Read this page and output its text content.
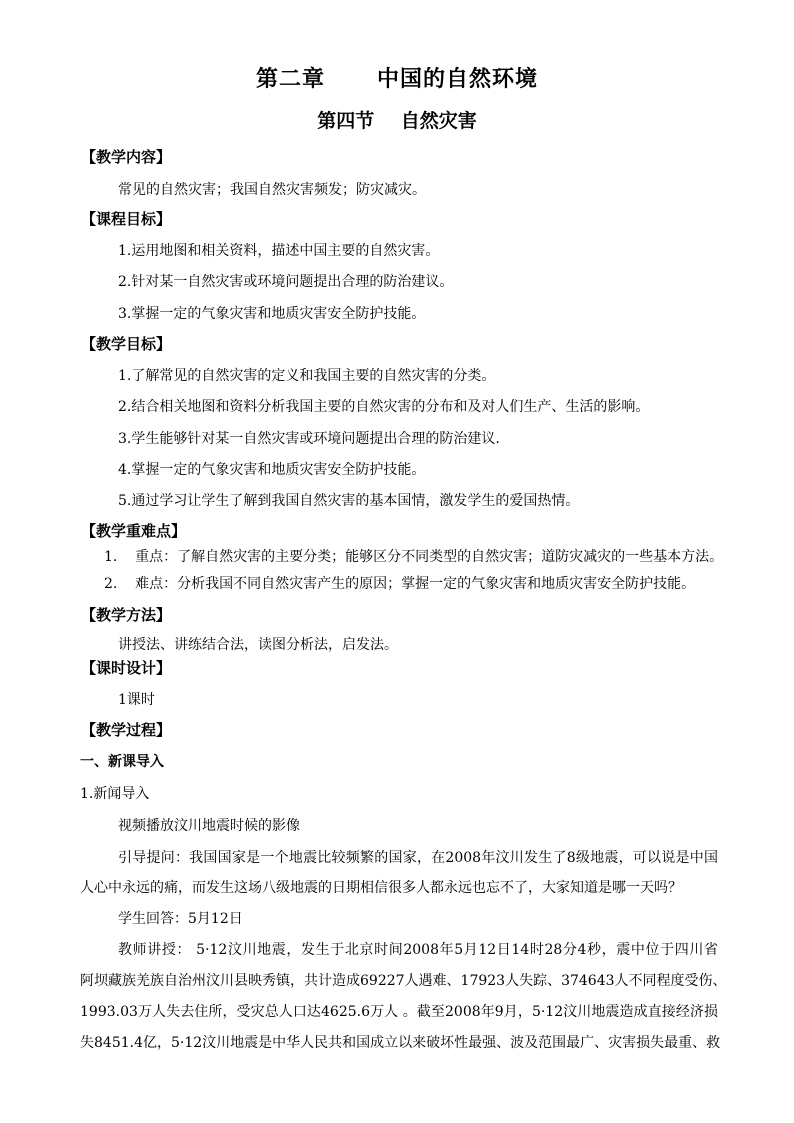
第二章      中国的自然环境
第四节    自然灾害
【教学内容】
常见的自然灾害；我国自然灾害频发；防灾减灾。
【课程目标】
1.运用地图和相关资料，描述中国主要的自然灾害。
2.针对某一自然灾害或环境问题提出合理的防治建议。
3.掌握一定的气象灾害和地质灾害安全防护技能。
【教学目标】
1.了解常见的自然灾害的定义和我国主要的自然灾害的分类。
2.结合相关地图和资料分析我国主要的自然灾害的分布和及对人们生产、生活的影响。
3.学生能够针对某一自然灾害或环境问题提出合理的防治建议.
4.掌握一定的气象灾害和地质灾害安全防护技能。
5.通过学习让学生了解到我国自然灾害的基本国情，激发学生的爱国热情。
【教学重难点】
1.    重点：了解自然灾害的主要分类；能够区分不同类型的自然灾害；道防灾减灾的一些基本方法。
2.    难点：分析我国不同自然灾害产生的原因；掌握一定的气象灾害和地质灾害安全防护技能。
【教学方法】
讲授法、讲练结合法，读图分析法，启发法。
【课时设计】
1课时
【教学过程】
一、新课导入
1.新闻导入
视频播放汶川地震时候的影像
引导提问：我国国家是一个地震比较频繁的国家，在2008年汶川发生了8级地震，可以说是中国
人心中永远的痛，而发生这场八级地震的日期相信很多人都永远也忘不了，大家知道是哪一天吗？
学生回答：5月12日
教师讲授： 5·12汶川地震，发生于北京时间2008年5月12日14时28分4秒，震中位于四川省
阿坝藏族羌族自治州汶川县映秀镇，共计造成69227人遇难、17923人失踪、374643人不同程度受伤、
1993.03万人失去住所，受灾总人口达4625.6万人 。截至2008年9月，5·12汶川地震造成直接经济损
失8451.4亿，5·12汶川地震是中华人民共和国成立以来破坏性最强、波及范围最广、灾害损失最重、救
